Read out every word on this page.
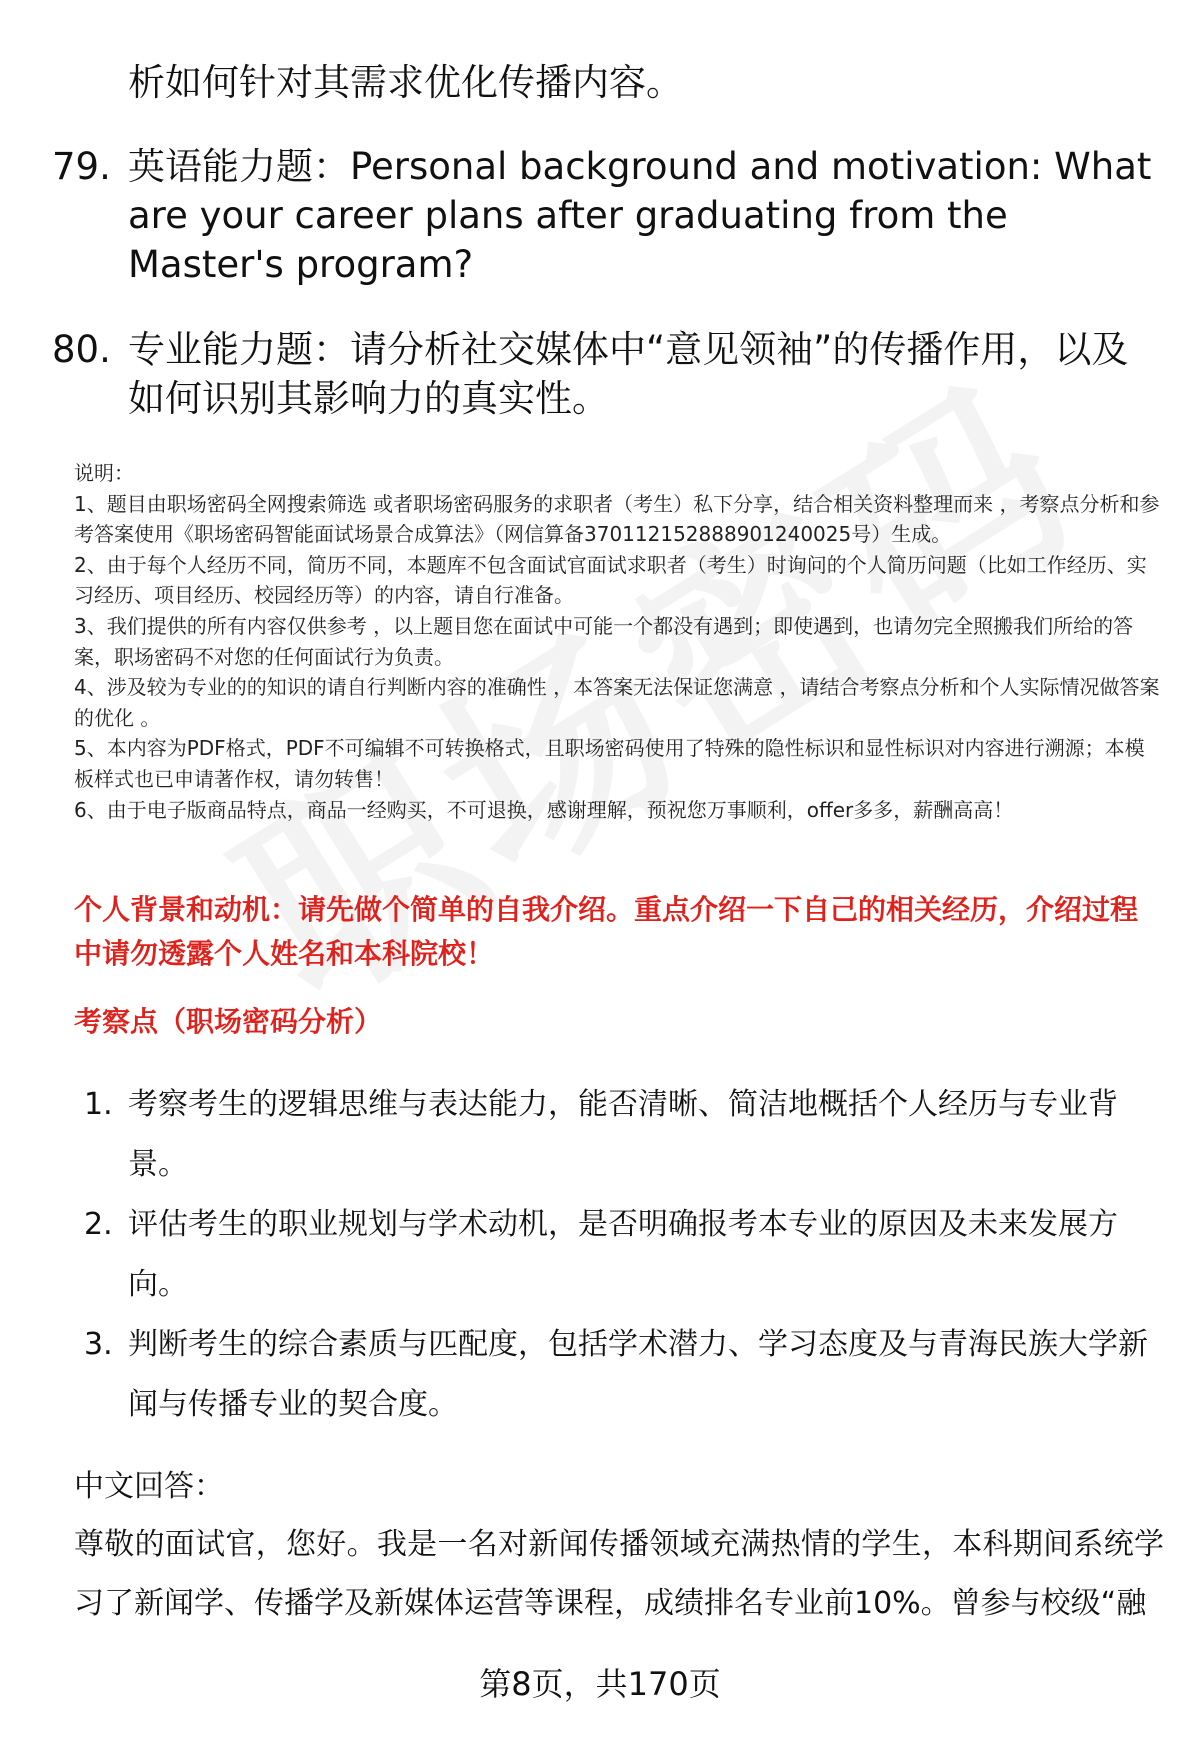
析如何针对其需求优化传播内容。
79. 英语能力题：Personal background and motivation: What are your career plans after graduating from the Master's program?
80. 专业能力题：请分析社交媒体中“意见领袖”的传播作用，以及如何识别其影响力的真实性。

说明：

1、题目由职场密码全网搜索筛选 或者职场密码服务的求职者（考生）私下分享，结合相关资料整理而来 ，考察点分析和参考答案使用《职场密码智能面试场景合成算法》（网信算备370112152888901240025号）生成。

2、由于每个人经历不同，简历不同，本题库不包含面试官面试求职者（考生）时询问的个人简历问题（比如工作经历、实习经历、项目经历、校园经历等）的内容，请自行准备。

3、我们提供的所有内容仅供参考 ，以上题目您在面试中可能一个都没有遇到；即使遇到，也请勿完全照搬我们所给的答案，职场密码不对您的任何面试行为负责。

4、涉及较为专业的的知识的请自行判断内容的准确性 ，本答案无法保证您满意 ，请结合考察点分析和个人实际情况做答案的优化 。

5、本内容为PDF格式，PDF不可编辑不可转换格式，且职场密码使用了特殊的隐性标识和显性标识对内容进行溯源；本模板样式也已申请著作权，请勿转售！

6、由于电子版商品特点，商品一经购买，不可退换，感谢理解，预祝您万事顺利，offer多多，薪酬高高！

个人背景和动机：请先做个简单的自我介绍。重点介绍一下自己的相关经历，介绍过程中请勿透露个人姓名和本科院校！
考察点（职场密码分析）
1. 考察考生的逻辑思维与表达能力，能否清晰、简洁地概括个人经历与专业背景。
2. 评估考生的职业规划与学术动机，是否明确报考本专业的原因及未来发展方向。
3. 判断考生的综合素质与匹配度，包括学术潜力、学习态度及与青海民族大学新闻与传播专业的契合度。
中文回答：
尊敬的面试官，您好。我是一名对新闻传播领域充满热情的学生，本科期间系统学习了新闻学、传播学及新媒体运营等课程，成绩排名专业前10%。曾参与校级“融
第8页，共170页
